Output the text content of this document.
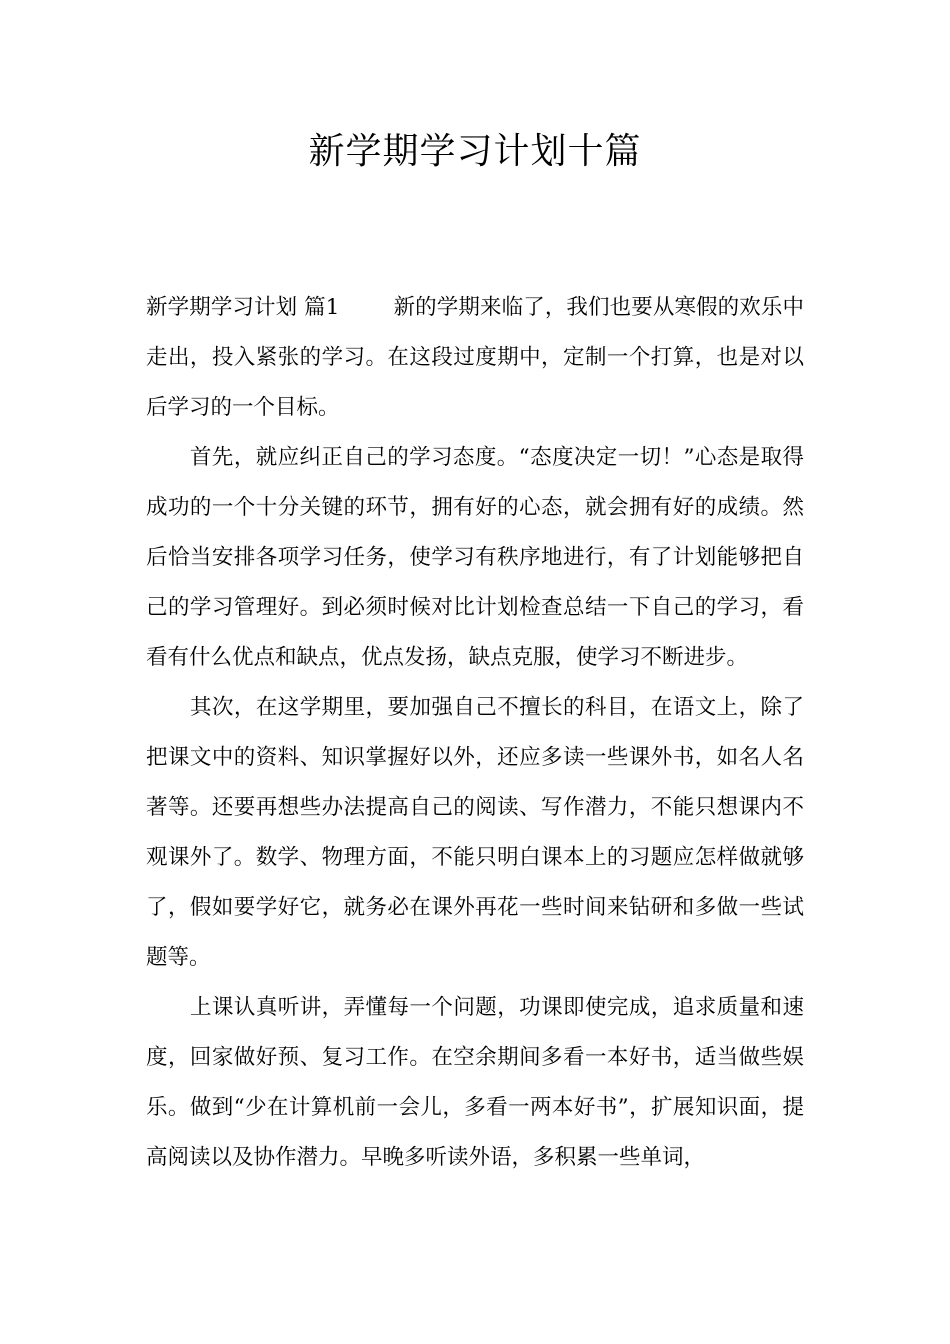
新学期学习计划十篇

新学期学习计划 篇1	新的学期来临了，我们也要从寒假的欢乐中走出，投入紧张的学习。在这段过度期中，定制一个打算，也是对以后学习的一个目标。

首先，就应纠正自己的学习态度。“态度决定一切！”心态是取得成功的一个十分关键的环节，拥有好的心态，就会拥有好的成绩。然后恰当安排各项学习任务，使学习有秩序地进行，有了计划能够把自己的学习管理好。到必须时候对比计划检查总结一下自己的学习，看看有什么优点和缺点，优点发扬，缺点克服，使学习不断进步。

其次，在这学期里，要加强自己不擅长的科目，在语文上，除了把课文中的资料、知识掌握好以外，还应多读一些课外书，如名人名著等。还要再想些办法提高自己的阅读、写作潜力，不能只想课内不观课外了。数学、物理方面，不能只明白课本上的习题应怎样做就够了，假如要学好它，就务必在课外再花一些时间来钻研和多做一些试题等。

上课认真听讲，弄懂每一个问题，功课即使完成，追求质量和速度，回家做好预、复习工作。在空余期间多看一本好书，适当做些娱乐。做到“少在计算机前一会儿，多看一两本好书”，扩展知识面，提高阅读以及协作潜力。早晚多听读外语，多积累一些单词，
